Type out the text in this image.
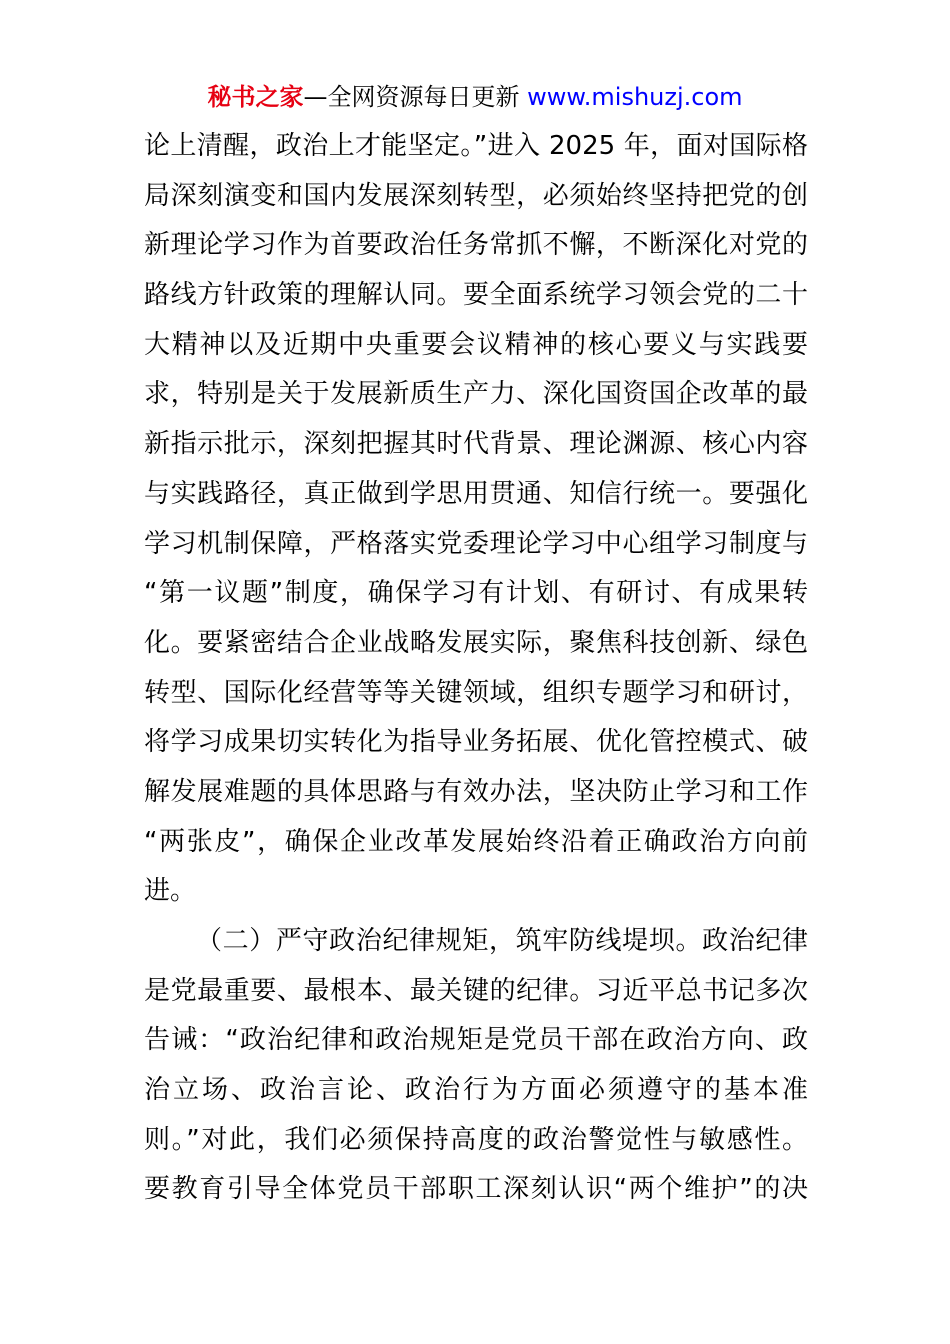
秘书之家—全网资源每日更新 www.mishuzj.com
论上清醒，政治上才能坚定。”进入 2025 年，面对国际格
局深刻演变和国内发展深刻转型，必须始终坚持把党的创
新理论学习作为首要政治任务常抓不懈，不断深化对党的
路线方针政策的理解认同。要全面系统学习领会党的二十
大精神以及近期中央重要会议精神的核心要义与实践要
求，特别是关于发展新质生产力、深化国资国企改革的最
新指示批示，深刻把握其时代背景、理论渊源、核心内容
与实践路径，真正做到学思用贯通、知信行统一。要强化
学习机制保障，严格落实党委理论学习中心组学习制度与
“第一议题”制度，确保学习有计划、有研讨、有成果转
化。要紧密结合企业战略发展实际，聚焦科技创新、绿色
转型、国际化经营等等关键领域，组织专题学习和研讨，
将学习成果切实转化为指导业务拓展、优化管控模式、破
解发展难题的具体思路与有效办法，坚决防止学习和工作
“两张皮”，确保企业改革发展始终沿着正确政治方向前
进。
（二）严守政治纪律规矩，筑牢防线堤坝。政治纪律
是党最重要、最根本、最关键的纪律。习近平总书记多次
告诫：“政治纪律和政治规矩是党员干部在政治方向、政
治立场、政治言论、政治行为方面必须遵守的基本准
则。”对此，我们必须保持高度的政治警觉性与敏感性。
要教育引导全体党员干部职工深刻认识“两个维护”的决
